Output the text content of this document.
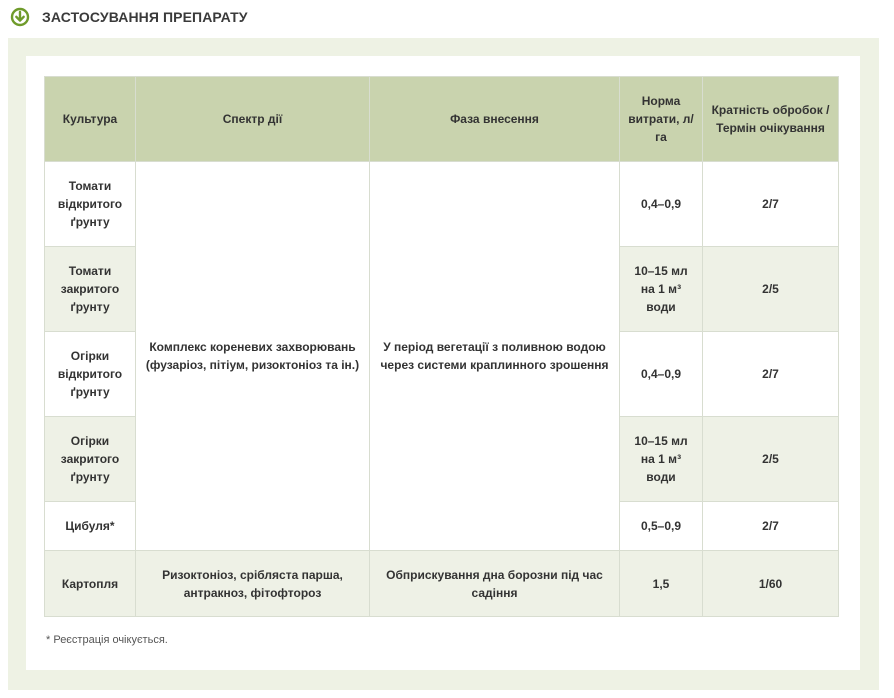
ЗАСТОСУВАННЯ ПРЕПАРАТУ
Культура	Спектр дії	Фаза внесення	Норма витрати, л/га	Кратність обробок / Термін очікування
Томати відкритого ґрунту	Комплекс кореневих захворювань (фузаріоз, пітіум, ризоктоніоз та ін.)	У період вегетації з поливною водою через системи краплинного зрошення	0,4–0,9	2/7
Томати закритого ґрунту			10–15 мл на 1 м³ води	2/5
Огірки відкритого ґрунту			0,4–0,9	2/7
Огірки закритого ґрунту			10–15 мл на 1 м³ води	2/5
Цибуля*			0,5–0,9	2/7
Картопля	Ризоктоніоз, срібляста парша, антракноз, фітофтороз	Обприскування дна борозни під час садіння	1,5	1/60
* Реєстрація очікується.
